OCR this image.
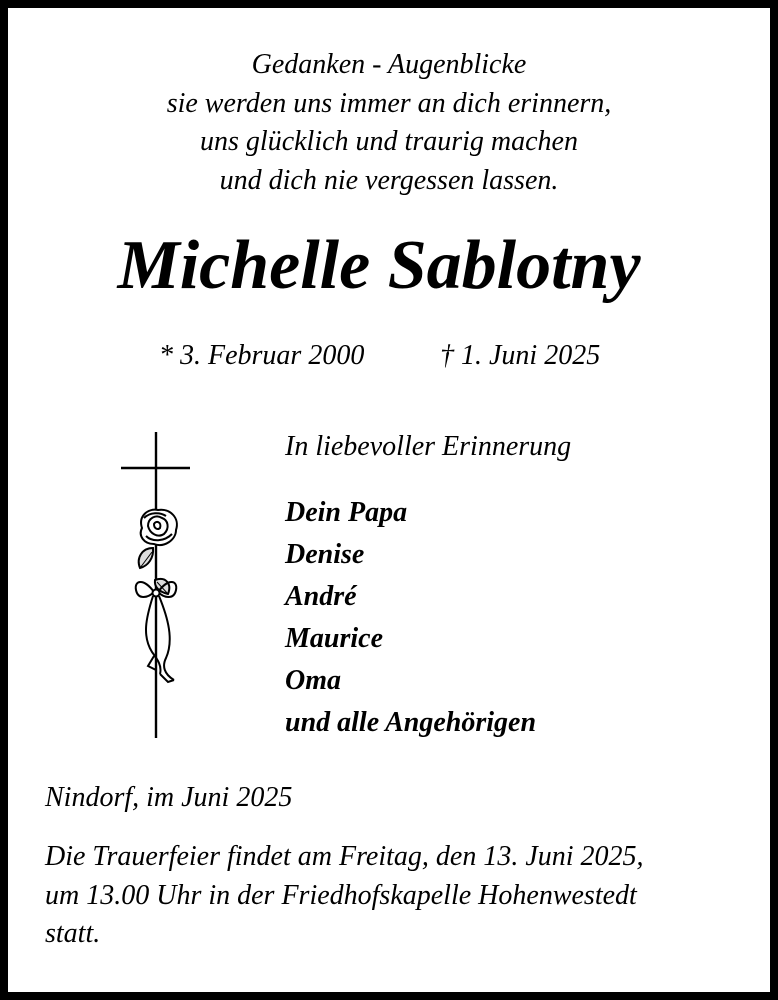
Gedanken - Augenblicke
sie werden uns immer an dich erinnern,
uns glücklich und traurig machen
und dich nie vergessen lassen.
Michelle Sablotny
* 3. Februar 2000	† 1. Juni 2025
In liebevoller Erinnerung
Dein Papa
Denise
André
Maurice
Oma
und alle Angehörigen
Nindorf, im Juni 2025
Die Trauerfeier findet am Freitag, den 13. Juni 2025,
um 13.00 Uhr in der Friedhofskapelle Hohenwestedt
statt.
